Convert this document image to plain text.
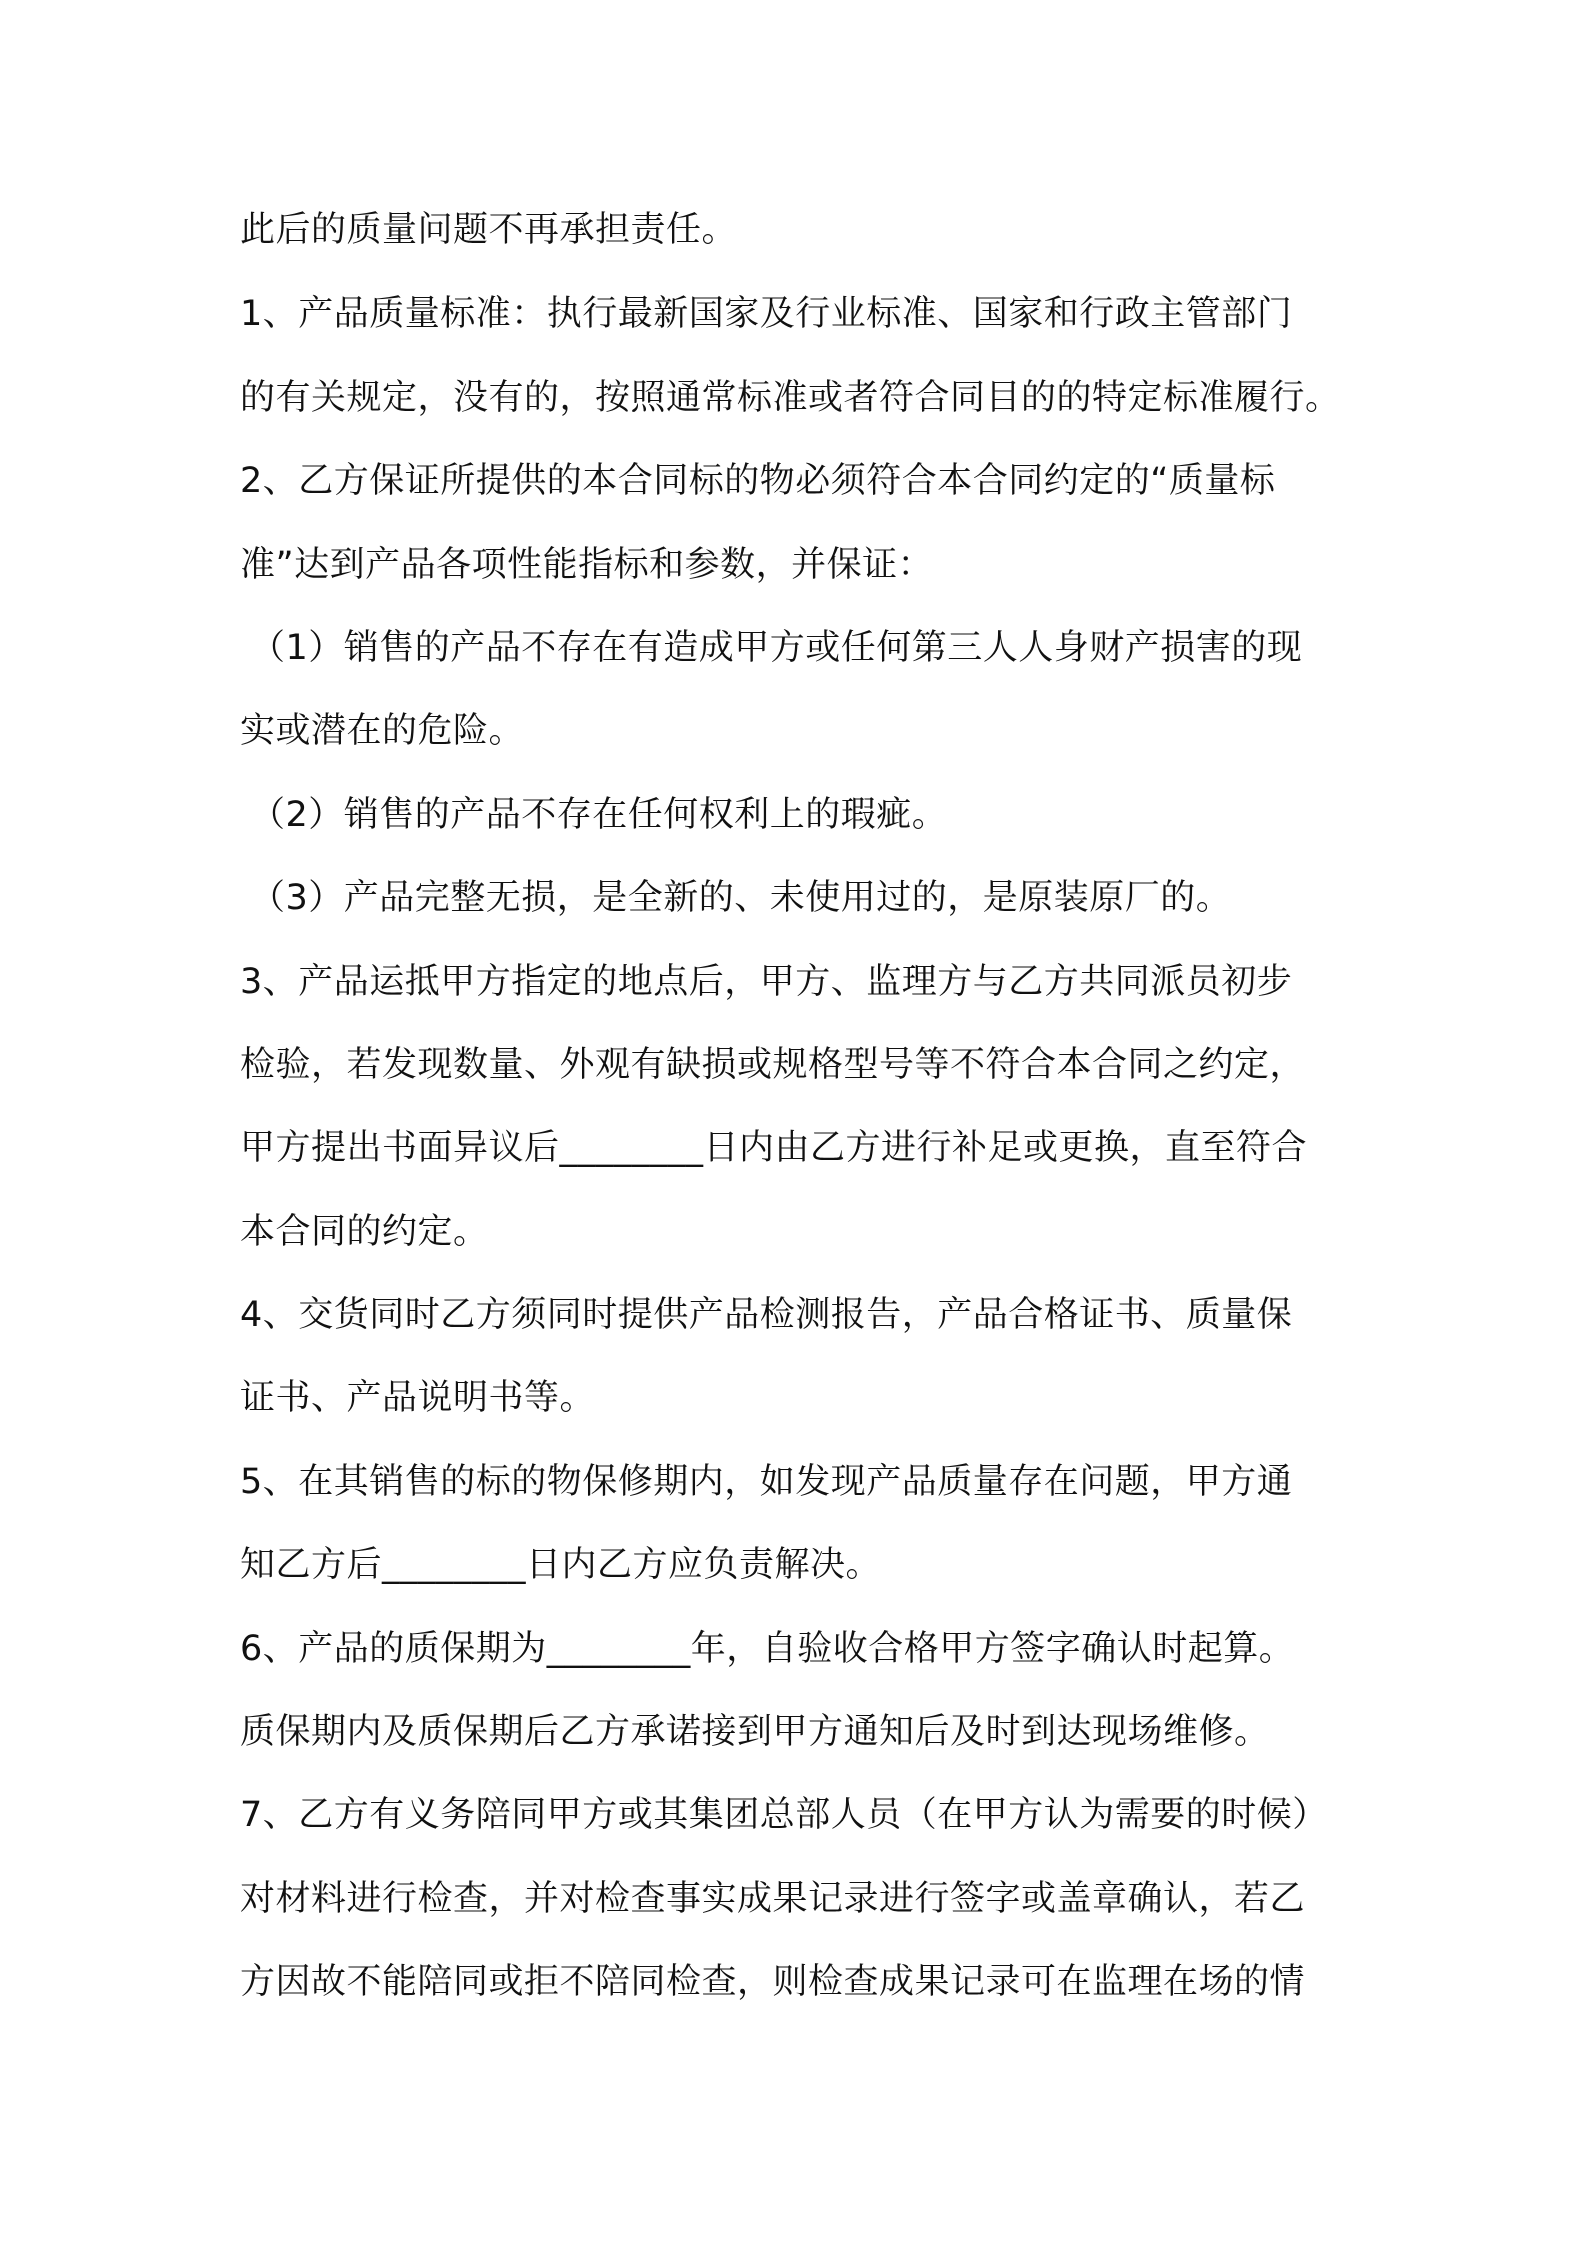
此后的质量问题不再承担责任。
1、产品质量标准：执行最新国家及行业标准、国家和行政主管部门
的有关规定，没有的，按照通常标准或者符合同目的的特定标准履行。
2、乙方保证所提供的本合同标的物必须符合本合同约定的“质量标
准”达到产品各项性能指标和参数，并保证：
（1）销售的产品不存在有造成甲方或任何第三人人身财产损害的现
实或潜在的危险。
（2）销售的产品不存在任何权利上的瑕疵。
（3）产品完整无损，是全新的、未使用过的，是原装原厂的。
3、产品运抵甲方指定的地点后，甲方、监理方与乙方共同派员初步
检验，若发现数量、外观有缺损或规格型号等不符合本合同之约定，
甲方提出书面异议后________日内由乙方进行补足或更换，直至符合
本合同的约定。
4、交货同时乙方须同时提供产品检测报告，产品合格证书、质量保
证书、产品说明书等。
5、在其销售的标的物保修期内，如发现产品质量存在问题，甲方通
知乙方后________日内乙方应负责解决。
6、产品的质保期为________年，自验收合格甲方签字确认时起算。
质保期内及质保期后乙方承诺接到甲方通知后及时到达现场维修。
7、乙方有义务陪同甲方或其集团总部人员（在甲方认为需要的时候）
对材料进行检查，并对检查事实成果记录进行签字或盖章确认，若乙
方因故不能陪同或拒不陪同检查，则检查成果记录可在监理在场的情
